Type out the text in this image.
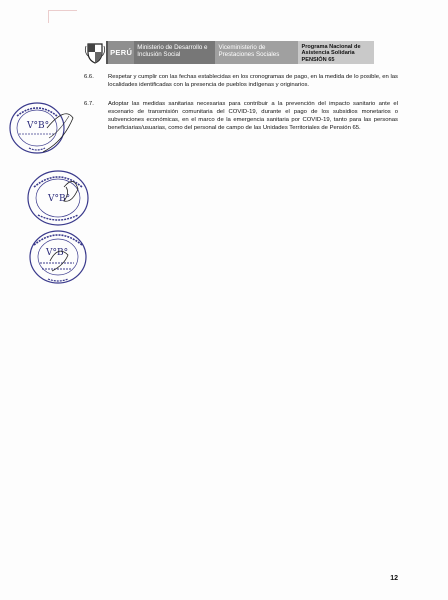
PERÚ
Ministerio de Desarrollo e Inclusión Social
Viceministerio de Prestaciones Sociales
Programa Nacional de Asistencia Solidaria PENSIÓN 65
6.6.	Respetar y cumplir con las fechas establecidas en los cronogramas de pago, en la medida de lo posible, en las localidades identificadas con la presencia de pueblos indígenas y originarios.
6.7.	Adoptar las medidas sanitarias necesarias para contribuir a la prevención del impacto sanitario ante el escenario de transmisión comunitaria del COVID-19, durante el pago de los subsidios monetarios o subvenciones económicas, en el marco de la emergencia sanitaria por COVID-19, tanto para las personas beneficiarias/usuarias, como del personal de campo de las Unidades Territoriales de Pensión 65.
V°B°
V°B°
V°B°
12
